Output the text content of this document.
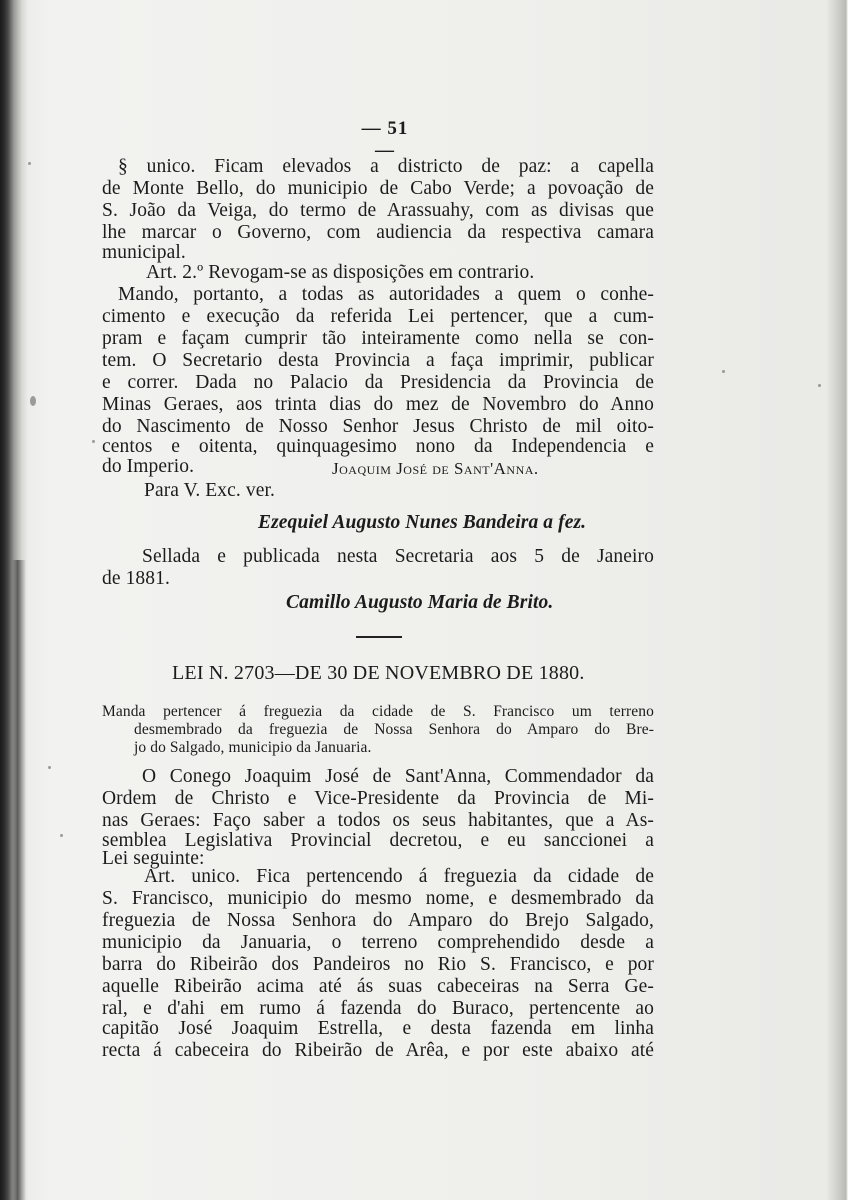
— 51 —
§ unico. Ficam elevados a districto de paz: a capella
de Monte Bello, do municipio de Cabo Verde; a povoação de
S. João da Veiga, do termo de Arassuahy, com as divisas que
lhe marcar o Governo, com audiencia da respectiva camara
municipal.
Art. 2.º Revogam-se as disposições em contrario.
Mando, portanto, a todas as autoridades a quem o conhe-
cimento e execução da referida Lei pertencer, que a cum-
pram e façam cumprir tão inteiramente como nella se con-
tem. O Secretario desta Provincia a faça imprimir, publicar
e correr. Dada no Palacio da Presidencia da Provincia de
Minas Geraes, aos trinta dias do mez de Novembro do Anno
do Nascimento de Nosso Senhor Jesus Christo de mil oito-
centos e oitenta, quinquagesimo nono da Independencia e
do Imperio.	Joaquim José de Sant'Anna.
Para V. Exc. ver.
Ezequiel Augusto Nunes Bandeira a fez.
Sellada e publicada nesta Secretaria aos 5 de Janeiro
de 1881.
Camillo Augusto Maria de Brito.
LEI N. 2703—DE 30 DE NOVEMBRO DE 1880.
Manda pertencer á freguezia da cidade de S. Francisco um terreno
desmembrado da freguezia de Nossa Senhora do Amparo do Bre-
jo do Salgado, municipio da Januaria.
O Conego Joaquim José de Sant'Anna, Commendador da
Ordem de Christo e Vice-Presidente da Provincia de Mi-
nas Geraes: Faço saber a todos os seus habitantes, que a As-
semblea Legislativa Provincial decretou, e eu sanccionei a
Lei seguinte:
Art. unico. Fica pertencendo á freguezia da cidade de
S. Francisco, municipio do mesmo nome, e desmembrado da
freguezia de Nossa Senhora do Amparo do Brejo Salgado,
municipio da Januaria, o terreno comprehendido desde a
barra do Ribeirão dos Pandeiros no Rio S. Francisco, e por
aquelle Ribeirão acima até ás suas cabeceiras na Serra Ge-
ral, e d'ahi em rumo á fazenda do Buraco, pertencente ao
capitão José Joaquim Estrella, e desta fazenda em linha
recta á cabeceira do Ribeirão de Arêa, e por este abaixo até
